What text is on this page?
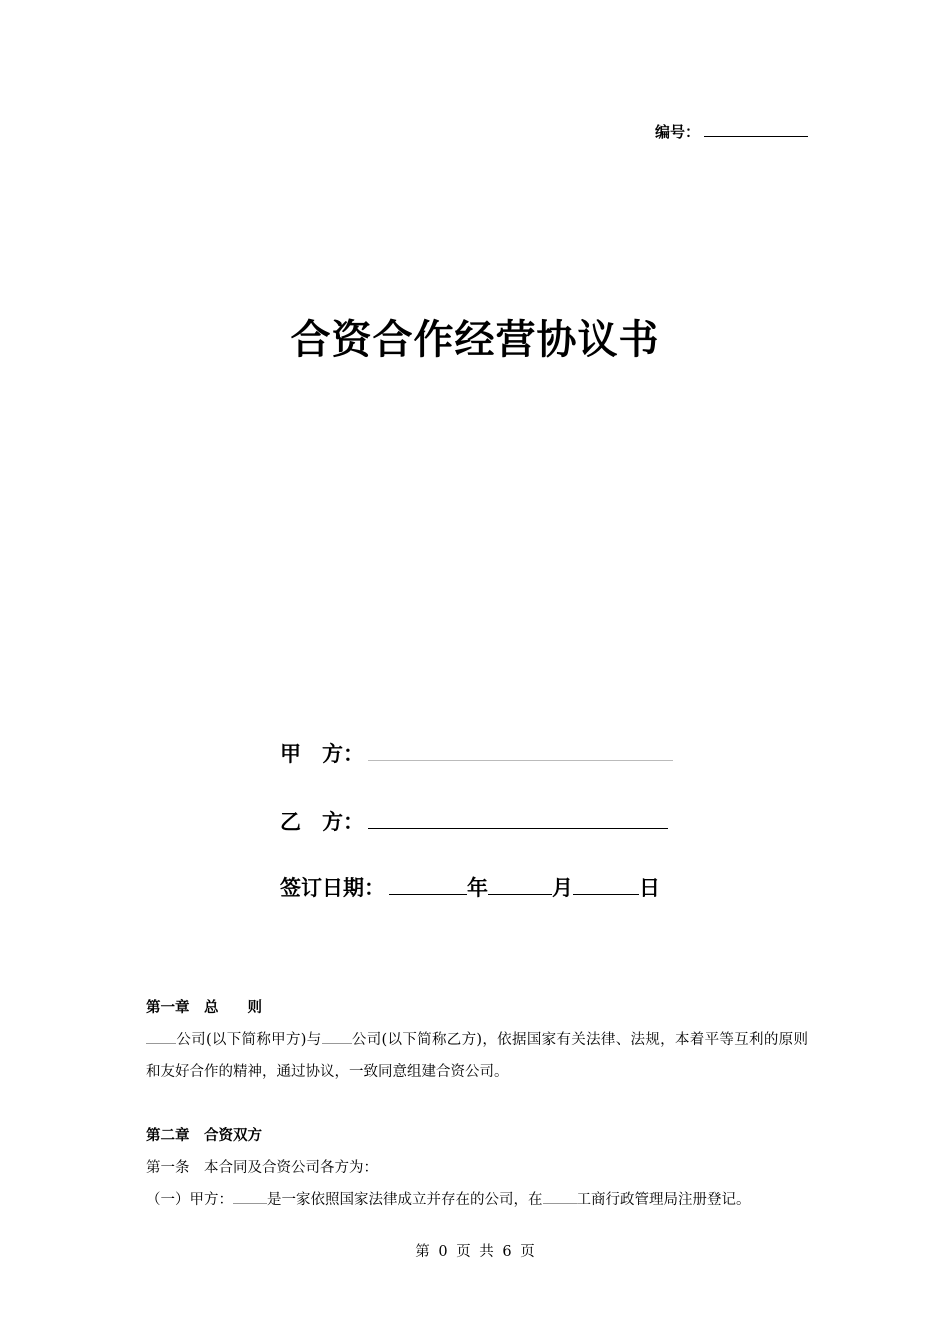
编号：
合资合作经营协议书
甲　方：
乙　方：
签订日期：	年	月	日
第一章　总　　则
公司(以下简称甲方)与 公司(以下简称乙方)，依据国家有关法律、法规，本着平等互利的原则和友好合作的精神，通过协议，一致同意组建合资公司。
第二章　合资双方
第一条　本合同及合资公司各方为：
（一）甲方： 是一家依照国家法律成立并存在的公司，在 工商行政管理局注册登记。
第 0 页 共 6 页
